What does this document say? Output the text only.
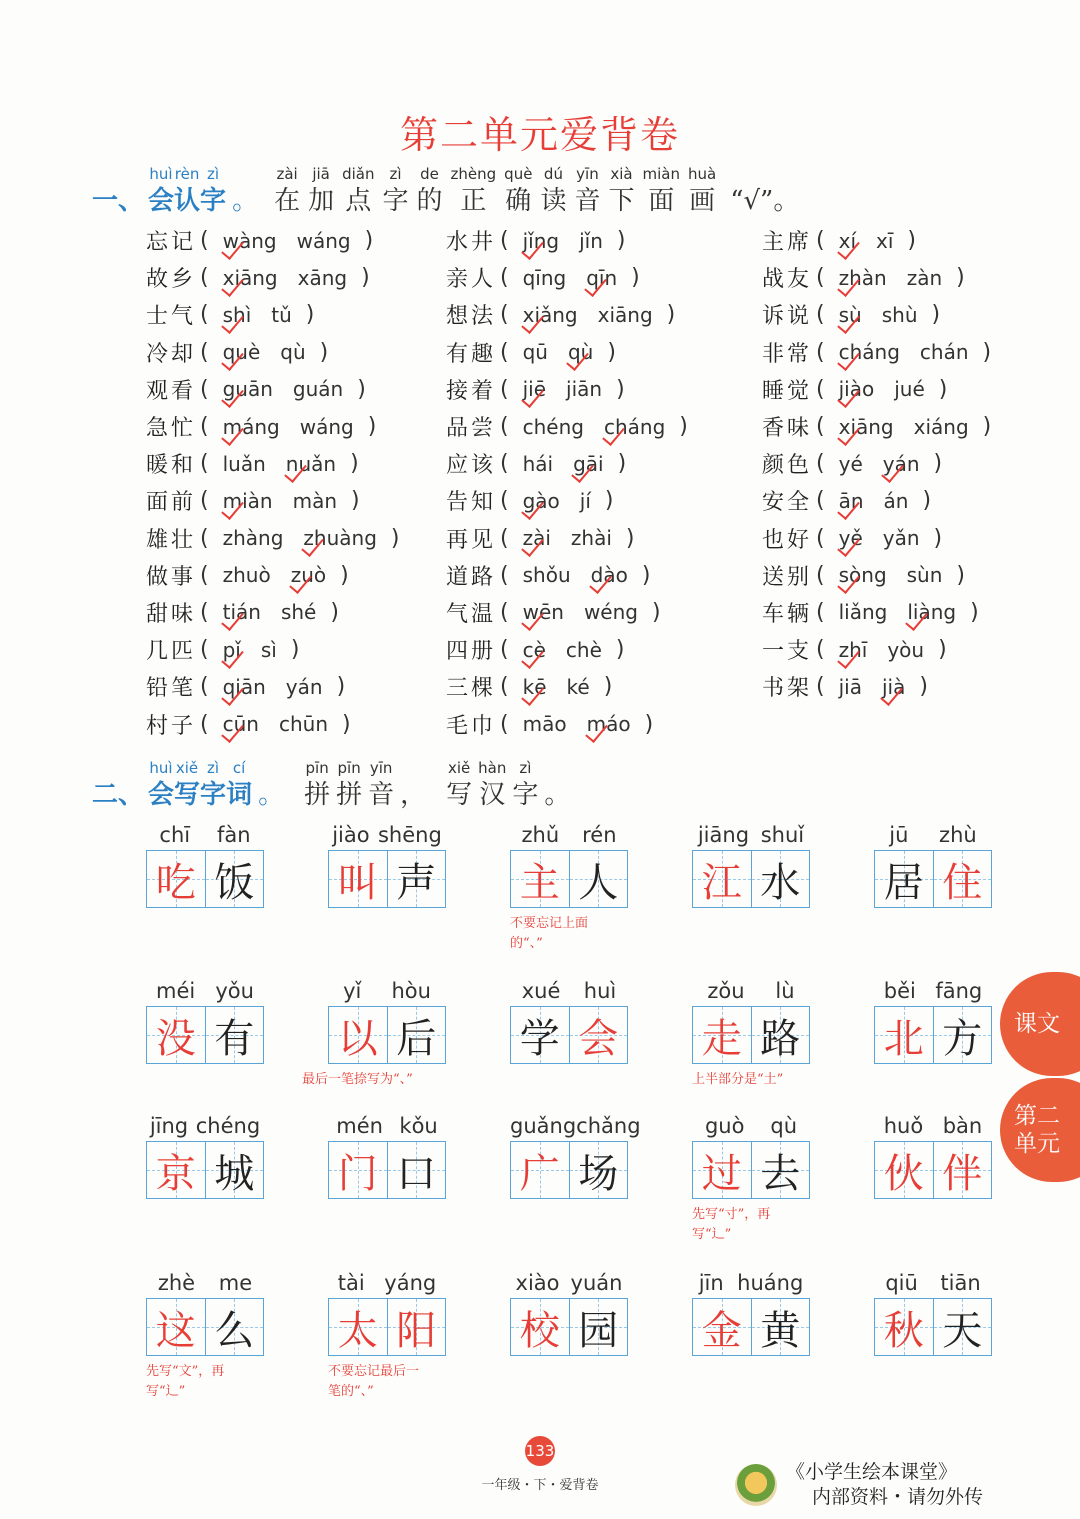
第二单元爱背卷
一、
huì
会
rèn
认
zì
字 。
zài
在
jiā
加
diǎn
点
zì
字
de
的
zhèng
正
què
确
dú
读
yīn
音
xià
下
miàn
面
huà
画 “√”。
忘记 ( wàng wáng )
故乡 ( xiāng xāng )
士气 ( shì tǔ )
冷却 ( què qù )
观看 ( guān guán )
急忙 ( máng wáng )
暖和 ( luǎn nuǎn )
面前 ( miàn màn )
雄壮 ( zhàng zhuàng )
做事 ( zhuò zuò )
甜味 ( tián shé )
几匹 ( pǐ sì )
铅笔 ( qiān yán )
村子 ( cūn chūn )
水井 ( jǐng jǐn )
亲人 ( qīng qīn )
想法 ( xiǎng xiāng )
有趣 ( qū qù )
接着 ( jiē jiān )
品尝 ( chéng cháng )
应该 ( hái gāi )
告知 ( gào jí )
再见 ( zài zhài )
道路 ( shǒu dào )
气温 ( wēn wéng )
四册 ( cè chè )
三棵 ( kē ké )
毛巾 ( māo máo )
主席 ( xí xī )
战友 ( zhàn zàn )
诉说 ( sù shù )
非常 ( cháng chán )
睡觉 ( jiào jué )
香味 ( xiāng xiáng )
颜色 ( yé yán )
安全 ( ān án )
也好 ( yě yǎn )
送别 ( sòng sùn )
车辆 ( liǎng liàng )
一支 ( zhī yòu )
书架 ( jiā jià )
二、
huì
会
xiě
写
zì
字
cí
词 。
pīn
拼
pīn
拼
yīn
音 ，
xiě
写
hàn
汉
zì
字 。
chī fàn
吃 饭
jiào shēng
叫 声
zhǔ rén
主 人
不要忘记上面
的“、”
jiāng shuǐ
江 水
jū zhù
居 住
méi yǒu
没 有
yǐ hòu
以 后
最后一笔捺写为“、”
xué huì
学 会
zǒu lù
走 路
上半部分是“土”
běi fāng
北 方
jīng chéng
京 城
mén kǒu
门 口
guǎng chǎng
广 场
guò qù
过 去
先写“寸”，再
写“辶”
huǒ bàn
伙 伴
zhè me
这 么
先写“文”，再
写“辶”
tài yáng
太 阳
不要忘记最后一
笔的“、”
xiào yuán
校 园
jīn huáng
金 黄
qiū tiān
秋 天
课文
第二
单元
133
一年级・下・爱背卷
《小学生绘本课堂》
内部资料・请勿外传
